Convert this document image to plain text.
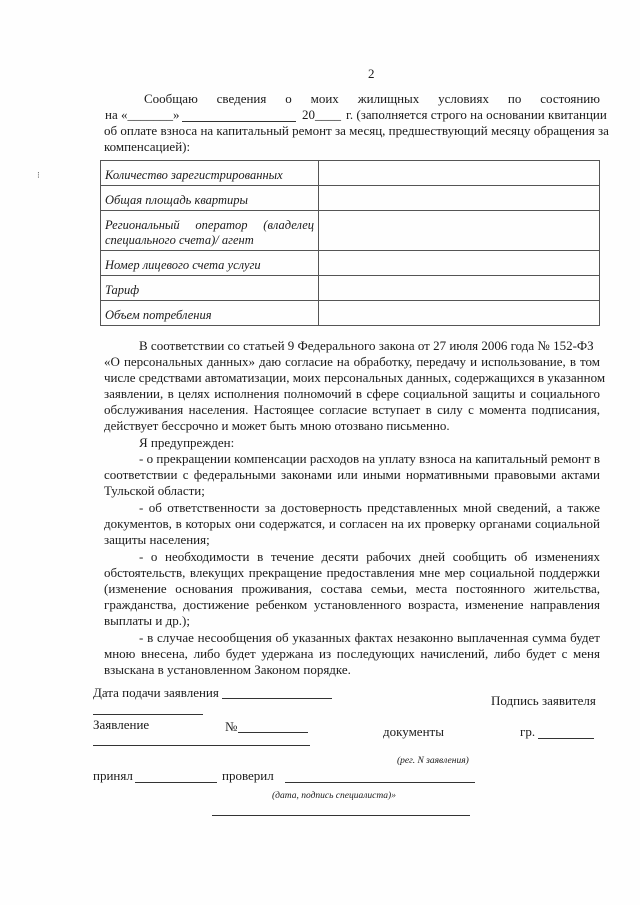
2
Сообщаю сведения о моих жилищных условиях по состоянию
на «_______»	20____ г. (заполняется строго на основании квитанции
об оплате взноса на капитальный ремонт за месяц, предшествующий месяцу обращения за
компенсацией):
⁝	Количество зарегистрированных	
Общая площадь квартиры	
Региональный оператор (владелец специального счета)/ агент	
Номер лицевого счета услуги	
Тариф	
Объем потребления	
В соответствии со статьей 9 Федерального закона от 27 июля 2006 года № 152-ФЗ
«О персональных данных» даю согласие на обработку, передачу и использование, в том
числе средствами автоматизации, моих персональных данных, содержащихся в указанном
заявлении, в целях исполнения полномочий в сфере социальной защиты и социального
обслуживания населения. Настоящее согласие вступает в силу с момента подписания,
действует бессрочно и может быть мною отозвано письменно.
Я предупрежден:
- о прекращении компенсации расходов на уплату взноса на капитальный ремонт в
соответствии с федеральными законами или иными нормативными правовыми актами
Тульской области;
- об ответственности за достоверность представленных мной сведений, а также
документов, в которых они содержатся, и согласен на их проверку органами социальной
защиты населения;
- о необходимости в течение десяти рабочих дней сообщить об изменениях
обстоятельств, влекущих прекращение предоставления мне мер социальной поддержки
(изменение основания проживания, состава семьи, места постоянного жительства,
гражданства, достижение ребенком установленного возраста, изменение направления
выплаты и др.);
- в случае несообщения об указанных фактах незаконно выплаченная сумма будет
мною внесена, либо будет удержана из последующих начислений, либо будет с меня
взыскана в установленном Законом порядке.
Дата подачи заявления
Подпись заявителя
Заявление	№	документы	гр.
(рег. N заявления)
принял	проверил
(дата, подпись специалиста)»
